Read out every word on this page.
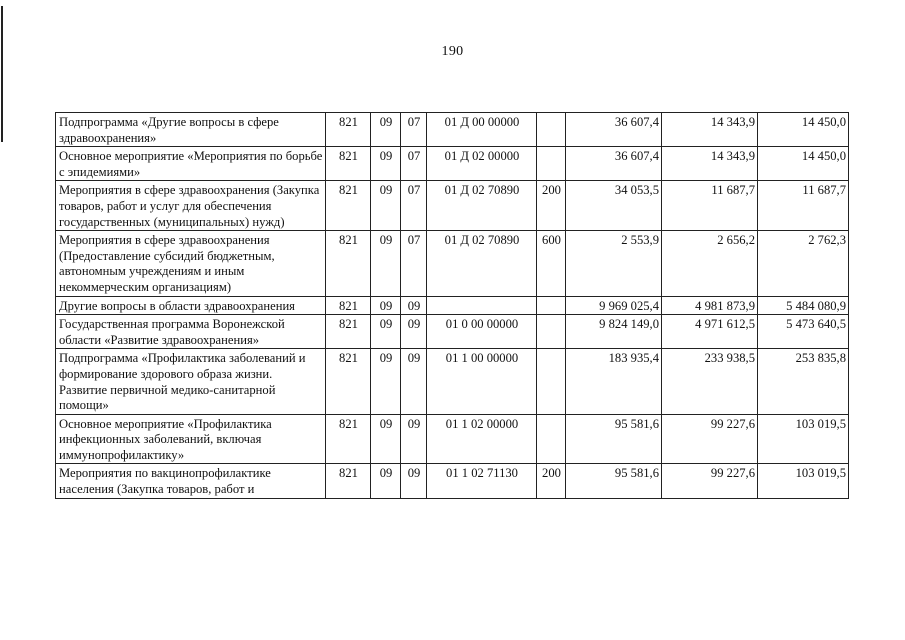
190
Подпрограмма «Другие вопросы в сфере здравоохранения»	821	09	07	01 Д 00 00000		36 607,4	14 343,9	14 450,0
Основное мероприятие «Мероприятия по борьбе с эпидемиями»	821	09	07	01 Д 02 00000		36 607,4	14 343,9	14 450,0
Мероприятия в сфере здравоохранения (Закупка товаров, работ и услуг для обеспечения государственных (муниципальных) нужд)	821	09	07	01 Д 02 70890	200	34 053,5	11 687,7	11 687,7
Мероприятия в сфере здравоохранения (Предоставление субсидий бюджетным, автономным учреждениям и иным некоммерческим организациям)	821	09	07	01 Д 02 70890	600	2 553,9	2 656,2	2 762,3
Другие вопросы в области здравоохранения	821	09	09			9 969 025,4	4 981 873,9	5 484 080,9
Государственная программа Воронежской области «Развитие здравоохранения»	821	09	09	01 0 00 00000		9 824 149,0	4 971 612,5	5 473 640,5
Подпрограмма «Профилактика заболеваний и формирование здорового образа жизни. Развитие первичной медико-санитарной помощи»	821	09	09	01 1 00 00000		183 935,4	233 938,5	253 835,8
Основное мероприятие «Профилактика инфекционных заболеваний, включая иммунопрофилактику»	821	09	09	01 1 02 00000		95 581,6	99 227,6	103 019,5
Мероприятия по вакцинопрофилактике населения (Закупка товаров, работ и	821	09	09	01 1 02 71130	200	95 581,6	99 227,6	103 019,5
